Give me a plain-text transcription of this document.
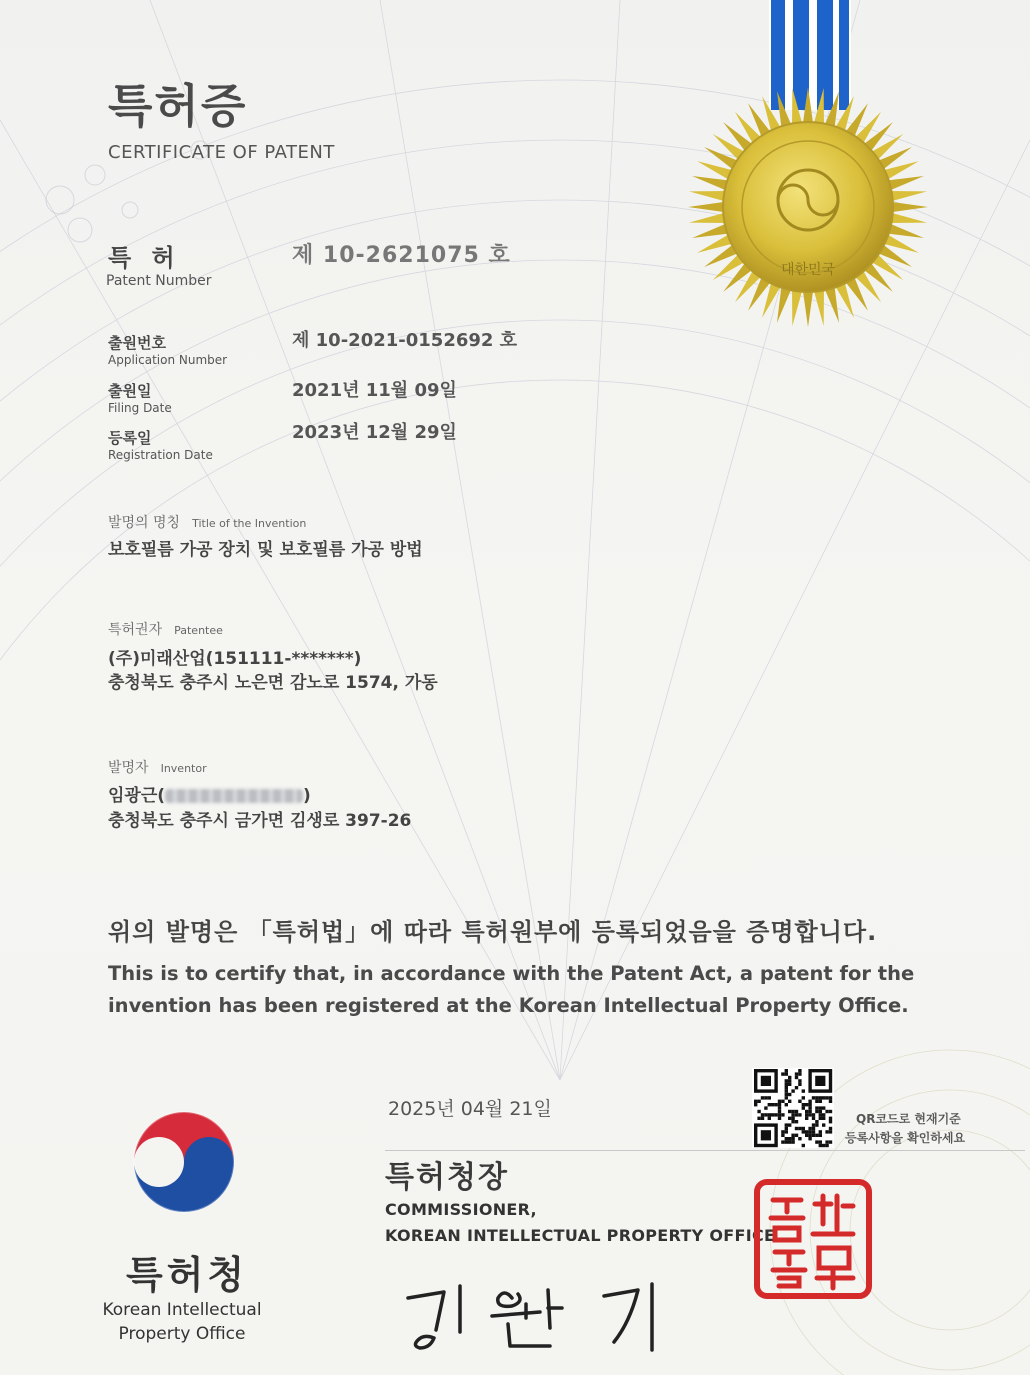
대한민국
특허증
CERTIFICATE OF PATENT
특 허
Patent Number
제 10-2621075 호
출원번호
Application Number
제 10-2021-0152692 호
출원일
Filing Date
2021년 11월 09일
등록일
Registration Date
2023년 12월 29일
발명의 명칭 Title of the Invention
보호필름 가공 장치 및 보호필름 가공 방법
특허권자 Patentee
(주)미래산업(151111-*******)
충청북도 충주시 노은면 감노로 1574, 가동
발명자 Inventor
임광근(	)
충청북도 충주시 금가면 김생로 397-26
위의 발명은 「특허법」에 따라 특허원부에 등록되었음을 증명합니다.
This is to certify that, in accordance with the Patent Act, a patent for the invention has been registered at the Korean Intellectual Property Office.
2025년 04월 21일	QR코드로 현재기준
등록사항을 확인하세요
특허청장
COMMISSIONER,
KOREAN INTELLECTUAL PROPERTY OFFICE
특허청
Korean Intellectual Property Office
